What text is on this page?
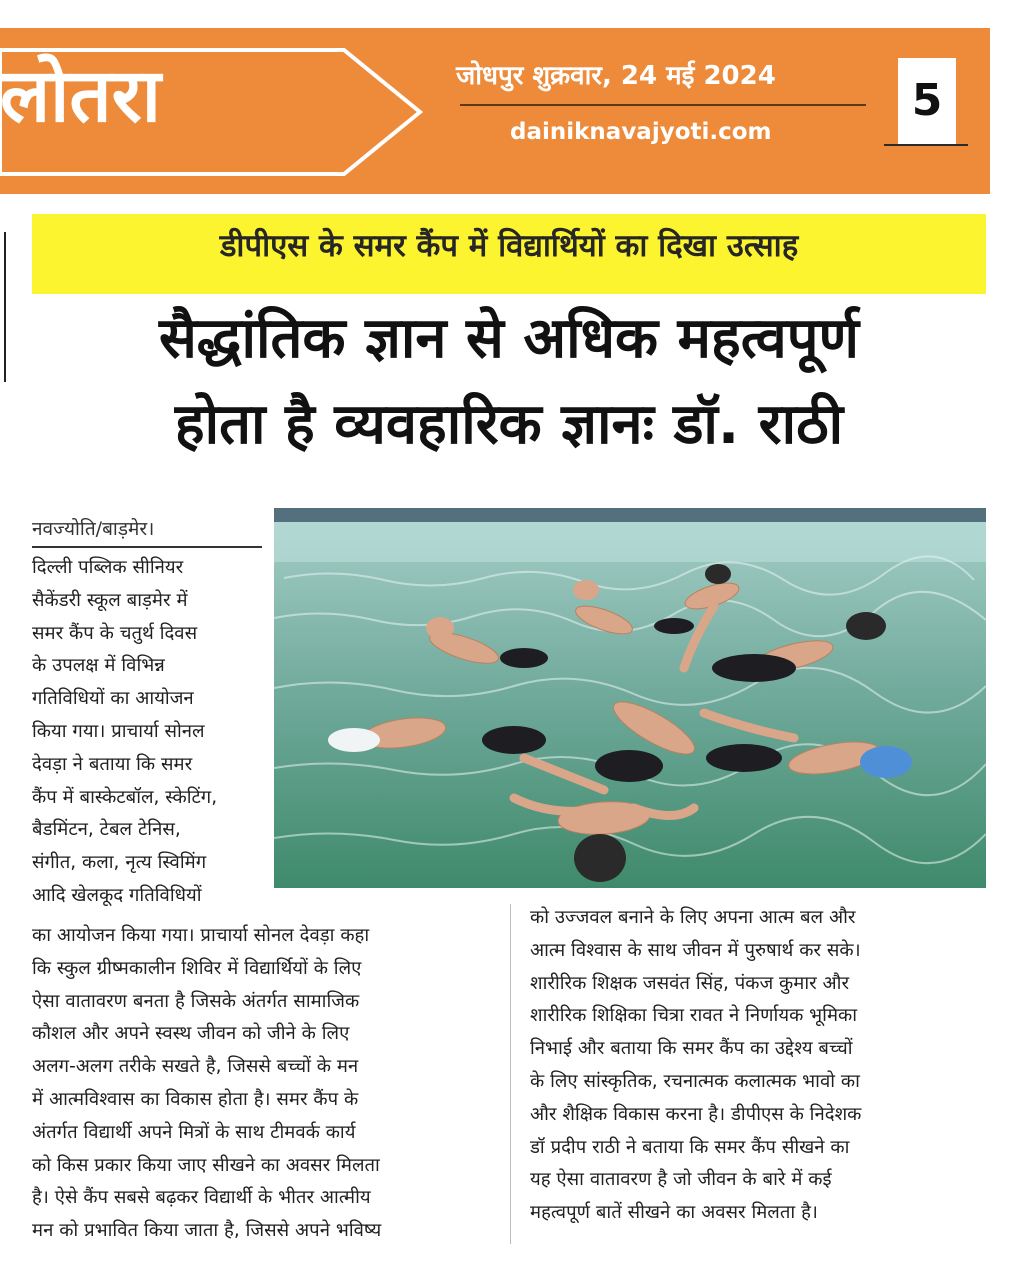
लोतरा	जोधपुर शुक्रवार, 24 मई 2024
dainiknavajyoti.com
5
डीपीएस के समर कैंप में विद्यार्थियों का दिखा उत्साह
सैद्धांतिक ज्ञान से अधिक महत्वपूर्ण
होता है व्यवहारिक ज्ञानः डॉ. राठी
नवज्योति/बाड़मेर।
दिल्ली पब्लिक सीनियर
सैकेंडरी स्कूल बाड़मेर में
समर कैंप के चतुर्थ दिवस
के उपलक्ष में विभिन्न
गतिविधियों का आयोजन
किया गया। प्राचार्या सोनल
देवड़ा ने बताया कि समर
कैंप में बास्केटबॉल, स्केटिंग,
बैडमिंटन, टेबल टेनिस,
संगीत, कला, नृत्य स्विमिंग
आदि खेलकूद गतिविधियों
का आयोजन किया गया। प्राचार्या सोनल देवड़ा कहा
कि स्कुल ग्रीष्मकालीन शिविर में विद्यार्थियों के लिए
ऐसा वातावरण बनता है जिसके अंतर्गत सामाजिक
कौशल और अपने स्वस्थ जीवन को जीने के लिए
अलग-अलग तरीके सखते है, जिससे बच्चों के मन
में आत्मविश्वास का विकास होता है। समर कैंप के
अंतर्गत विद्यार्थी अपने मित्रों के साथ टीमवर्क कार्य
को किस प्रकार किया जाए सीखने का अवसर मिलता
है। ऐसे कैंप सबसे बढ़कर विद्यार्थी के भीतर आत्मीय
मन को प्रभावित किया जाता है, जिससे अपने भविष्य
को उज्जवल बनाने के लिए अपना आत्म बल और
आत्म विश्वास के साथ जीवन में पुरुषार्थ कर सके।
शारीरिक शिक्षक जसवंत सिंह, पंकज कुमार और
शारीरिक शिक्षिका चित्रा रावत ने निर्णायक भूमिका
निभाई और बताया कि समर कैंप का उद्देश्य बच्चों
के लिए सांस्कृतिक, रचनात्मक कलात्मक भावो का
और शैक्षिक विकास करना है। डीपीएस के निदेशक
डॉ प्रदीप राठी ने बताया कि समर कैंप सीखने का
यह ऐसा वातावरण है जो जीवन के बारे में कई
महत्वपूर्ण बातें सीखने का अवसर मिलता है।
